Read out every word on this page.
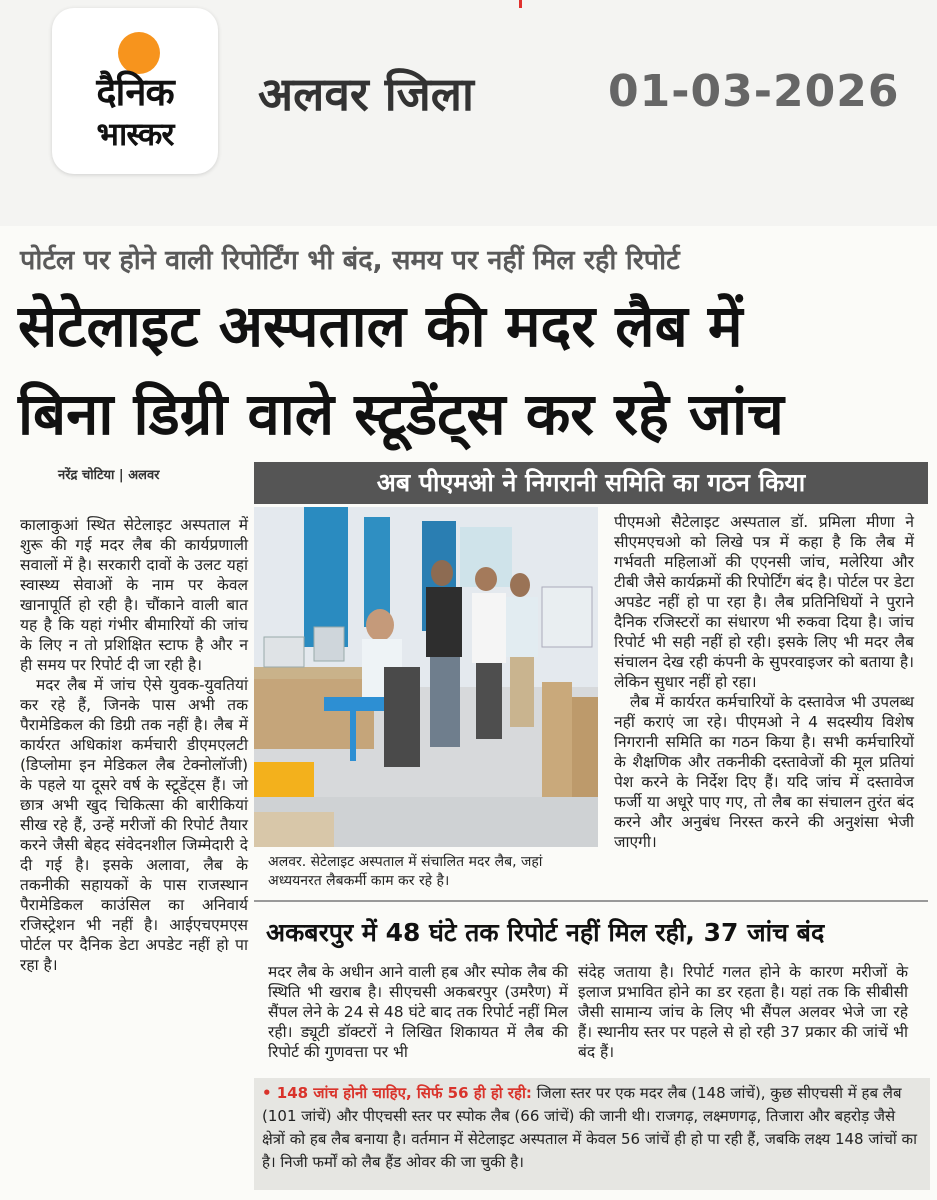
दैनिक
भास्कर
अलवर जिला	01-03-2026
पोर्टल पर होने वाली रिपोर्टिंग भी बंद, समय पर नहीं मिल रही रिपोर्ट
सेटेलाइट अस्पताल की मदर लैब में
बिना डिग्री वाले स्टूडेंट्स कर रहे जांच
नरेंद्र चोटिया | अलवर	अब पीएमओ ने निगरानी समिति का गठन किया

कालाकुआं स्थित सेटेलाइट अस्पताल में शुरू की गई मदर लैब की कार्यप्रणाली सवालों में है। सरकारी दावों के उलट यहां स्वास्थ्य सेवाओं के नाम पर केवल खानापूर्ति हो रही है। चौंकाने वाली बात यह है कि यहां गंभीर बीमारियों की जांच के लिए न तो प्रशिक्षित स्टाफ है और न ही समय पर रिपोर्ट दी जा रही है।

मदर लैब में जांच ऐसे युवक-युवतियां कर रहे हैं, जिनके पास अभी तक पैरामेडिकल की डिग्री तक नहीं है। लैब में कार्यरत अधिकांश कर्मचारी डीएमएलटी (डिप्लोमा इन मेडिकल लैब टेक्नोलॉजी) के पहले या दूसरे वर्ष के स्टूडेंट्स हैं। जो छात्र अभी खुद चिकित्सा की बारीकियां सीख रहे हैं, उन्हें मरीजों की रिपोर्ट तैयार करने जैसी बेहद संवेदनशील जिम्मेदारी दे दी गई है। इसके अलावा, लैब के तकनीकी सहायकों के पास राजस्थान पैरामेडिकल काउंसिल का अनिवार्य रजिस्ट्रेशन भी नहीं है। आईएचएमएस पोर्टल पर दैनिक डेटा अपडेट नहीं हो पा रहा है।

अलवर. सेटेलाइट अस्पताल में संचालित मदर लैब, जहां अध्ययनरत लैबकर्मी काम कर रहे है।

पीएमओ सैटेलाइट अस्पताल डॉ. प्रमिला मीणा ने सीएमएचओ को लिखे पत्र में कहा है कि लैब में गर्भवती महिलाओं की एएनसी जांच, मलेरिया और टीबी जैसे कार्यक्रमों की रिपोर्टिंग बंद है। पोर्टल पर डेटा अपडेट नहीं हो पा रहा है। लैब प्रतिनिधियों ने पुराने दैनिक रजिस्टरों का संधारण भी रुकवा दिया है। जांच रिपोर्ट भी सही नहीं हो रही। इसके लिए भी मदर लैब संचालन देख रही कंपनी के सुपरवाइजर को बताया है। लेकिन सुधार नहीं हो रहा।

लैब में कार्यरत कर्मचारियों के दस्तावेज भी उपलब्ध नहीं कराएं जा रहे। पीएमओ ने 4 सदस्यीय विशेष निगरानी समिति का गठन किया है। सभी कर्मचारियों के शैक्षणिक और तकनीकी दस्तावेजों की मूल प्रतियां पेश करने के निर्देश दिए हैं। यदि जांच में दस्तावेज फर्जी या अधूरे पाए गए, तो लैब का संचालन तुरंत बंद करने और अनुबंध निरस्त करने की अनुशंसा भेजी जाएगी।

अकबरपुर में 48 घंटे तक रिपोर्ट नहीं मिल रही, 37 जांच बंद
मदर लैब के अधीन आने वाली हब और स्पोक लैब की स्थिति भी खराब है। सीएचसी अकबरपुर (उमरैण) में सैंपल लेने के 24 से 48 घंटे बाद तक रिपोर्ट नहीं मिल रही। ड्यूटी डॉक्टरों ने लिखित शिकायत में लैब की रिपोर्ट की गुणवत्ता पर भी
संदेह जताया है। रिपोर्ट गलत होने के कारण मरीजों के इलाज प्रभावित होने का डर रहता है। यहां तक कि सीबीसी जैसी सामान्य जांच के लिए भी सैंपल अलवर भेजे जा रहे हैं। स्थानीय स्तर पर पहले से हो रही 37 प्रकार की जांचें भी बंद हैं।
• 148 जांच होनी चाहिए, सिर्फ 56 ही हो रही: जिला स्तर पर एक मदर लैब (148 जांचें), कुछ सीएचसी में हब लैब (101 जांचें) और पीएचसी स्तर पर स्पोक लैब (66 जांचें) की जानी थी। राजगढ़, लक्ष्मणगढ़, तिजारा और बहरोड़ जैसे क्षेत्रों को हब लैब बनाया है। वर्तमान में सेटेलाइट अस्पताल में केवल 56 जांचें ही हो पा रही हैं, जबकि लक्ष्य 148 जांचों का है। निजी फर्मों को लैब हैंड ओवर की जा चुकी है।
